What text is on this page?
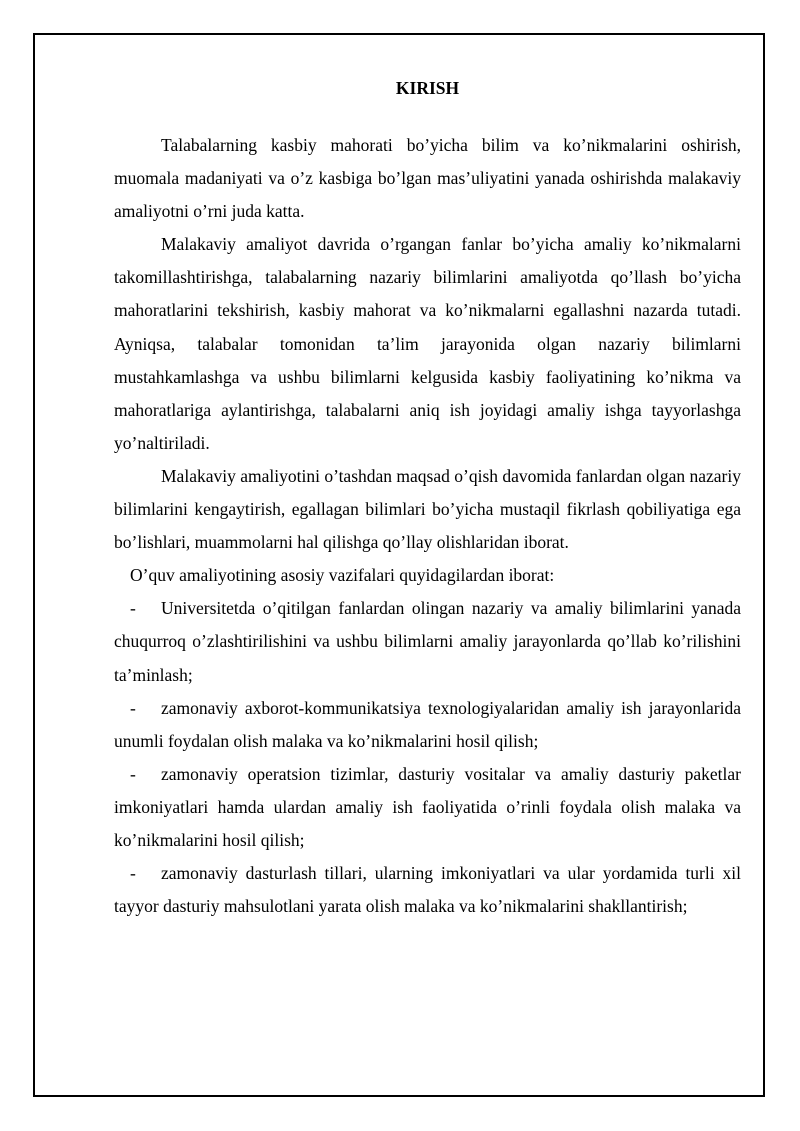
KIRISH

Talabalarning kasbiy mahorati bo’yicha bilim va ko’nikmalarini oshirish, muomala madaniyati va o’z kasbiga bo’lgan mas’uliyatini yanada oshirishda malakaviy amaliyotni o’rni juda katta.

Malakaviy amaliyot davrida o’rgangan fanlar bo’yicha amaliy ko’nikmalarni takomillashtirishga, talabalarning nazariy bilimlarini amaliyotda qo’llash bo’yicha mahoratlarini tekshirish, kasbiy mahorat va ko’nikmalarni egallashni nazarda tutadi. Ayniqsa, talabalar tomonidan ta’lim jarayonida olgan nazariy bilimlarni mustahkamlashga va ushbu bilimlarni kelgusida kasbiy faoliyatining ko’nikma va mahoratlariga aylantirishga, talabalarni aniq ish joyidagi amaliy ishga tayyorlashga yo’naltiriladi.

Malakaviy amaliyotini o’tashdan maqsad o’qish davomida fanlardan olgan nazariy bilimlarini kengaytirish, egallagan bilimlari bo’yicha mustaqil fikrlash qobiliyatiga ega bo’lishlari, muammolarni hal qilishga qo’llay olishlaridan iborat.

O’quv amaliyotining asosiy vazifalari quyidagilardan iborat:

- Universitetda o’qitilgan fanlardan olingan nazariy va amaliy bilimlarini yanada chuqurroq o’zlashtirilishini va ushbu bilimlarni amaliy jarayonlarda qo’llab ko’rilishini ta’minlash;

- zamonaviy axborot-kommunikatsiya texnologiyalaridan amaliy ish jarayonlarida unumli foydalan olish malaka va ko’nikmalarini hosil qilish;

- zamonaviy operatsion tizimlar, dasturiy vositalar va amaliy dasturiy paketlar imkoniyatlari hamda ulardan amaliy ish faoliyatida o’rinli foydala olish malaka va ko’nikmalarini hosil qilish;

- zamonaviy dasturlash tillari, ularning imkoniyatlari va ular yordamida turli xil tayyor dasturiy mahsulotlani yarata olish malaka va ko’nikmalarini shakllantirish;
